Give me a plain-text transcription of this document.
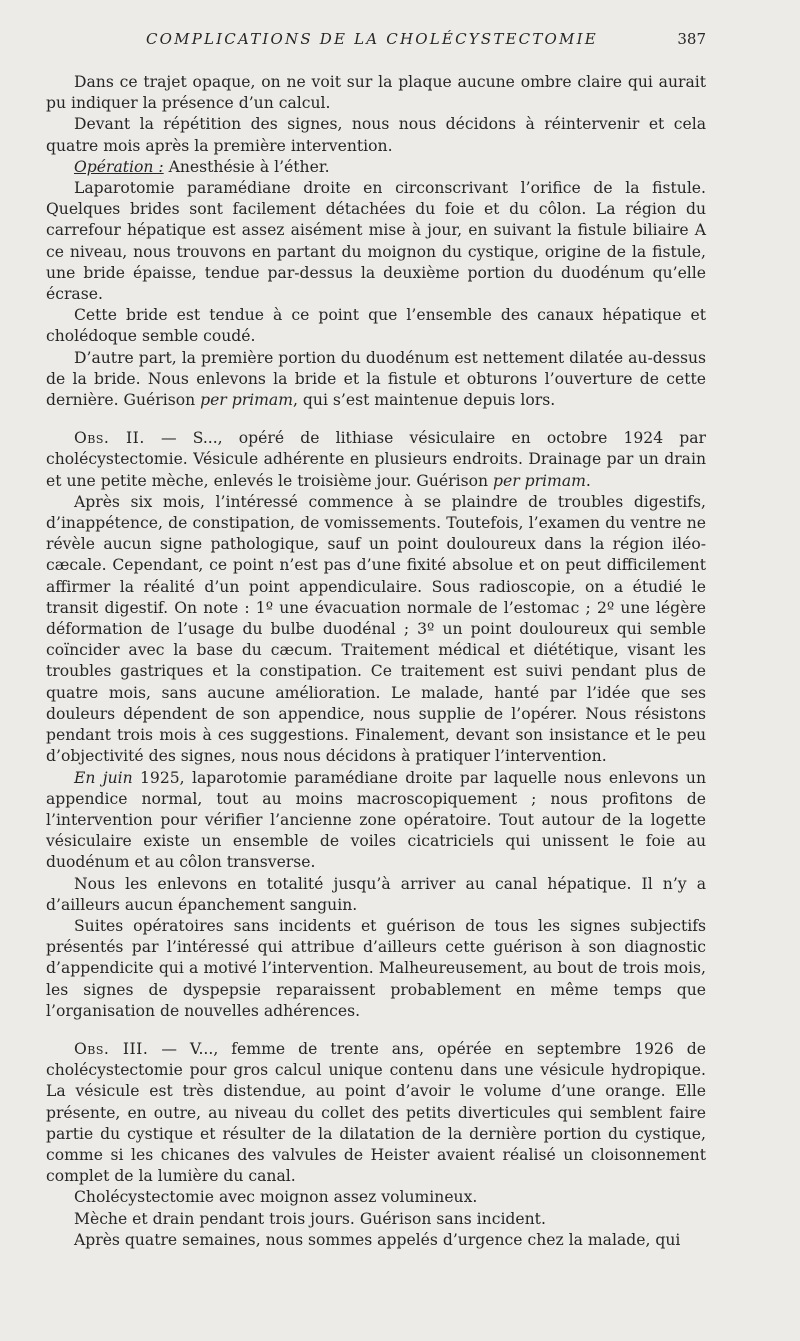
COMPLICATIONS DE LA CHOLÉCYSTECTOMIE	387

Dans ce trajet opaque, on ne voit sur la plaque aucune ombre claire qui aurait pu indiquer la présence d’un calcul.

Devant la répétition des signes, nous nous décidons à réintervenir et cela quatre mois après la première intervention.

Opération : Anesthésie à l’éther.

Laparotomie paramédiane droite en circonscrivant l’orifice de la fistule. Quelques brides sont facilement détachées du foie et du côlon. La région du carrefour hépatique est assez aisément mise à jour, en suivant la fistule biliaire A ce niveau, nous trouvons en partant du moignon du cystique, origine de la fistule, une bride épaisse, tendue par-dessus la deuxième portion du duodénum qu’elle écrase.

Cette bride est tendue à ce point que l’ensemble des canaux hépatique et cholédoque semble coudé.

D’autre part, la première portion du duodénum est nettement dilatée au-dessus de la bride. Nous enlevons la bride et la fistule et obturons l’ouverture de cette dernière. Guérison per primam, qui s’est maintenue depuis lors.

Obs. II. — S..., opéré de lithiase vésiculaire en octobre 1924 par cholécystectomie. Vésicule adhérente en plusieurs endroits. Drainage par un drain et une petite mèche, enlevés le troisième jour. Guérison per primam.

Après six mois, l’intéressé commence à se plaindre de troubles digestifs, d’inappétence, de constipation, de vomissements. Toutefois, l’examen du ventre ne révèle aucun signe pathologique, sauf un point douloureux dans la région iléo-cæcale. Cependant, ce point n’est pas d’une fixité absolue et on peut difficilement affirmer la réalité d’un point appendiculaire. Sous radioscopie, on a étudié le transit digestif. On note : 1º une évacuation normale de l’estomac ; 2º une légère déformation de l’usage du bulbe duodénal ; 3º un point douloureux qui semble coïncider avec la base du cæcum. Traitement médical et diététique, visant les troubles gastriques et la constipation. Ce traitement est suivi pendant plus de quatre mois, sans aucune amélioration. Le malade, hanté par l’idée que ses douleurs dépendent de son appendice, nous supplie de l’opérer. Nous résistons pendant trois mois à ces suggestions. Finalement, devant son insistance et le peu d’objectivité des signes, nous nous décidons à pratiquer l’intervention.

En juin 1925, laparotomie paramédiane droite par laquelle nous enlevons un appendice normal, tout au moins macroscopiquement ; nous profitons de l’intervention pour vérifier l’ancienne zone opératoire. Tout autour de la logette vésiculaire existe un ensemble de voiles cicatriciels qui unissent le foie au duodénum et au côlon transverse.

Nous les enlevons en totalité jusqu’à arriver au canal hépatique. Il n’y a d’ailleurs aucun épanchement sanguin.

Suites opératoires sans incidents et guérison de tous les signes subjectifs présentés par l’intéressé qui attribue d’ailleurs cette guérison à son diagnostic d’appendicite qui a motivé l’intervention. Malheureusement, au bout de trois mois, les signes de dyspepsie reparaissent probablement en même temps que l’organisation de nouvelles adhérences.

Obs. III. — V..., femme de trente ans, opérée en septembre 1926 de cholécystectomie pour gros calcul unique contenu dans une vésicule hydropique. La vésicule est très distendue, au point d’avoir le volume d’une orange. Elle présente, en outre, au niveau du collet des petits diverticules qui semblent faire partie du cystique et résulter de la dilatation de la dernière portion du cystique, comme si les chicanes des valvules de Heister avaient réalisé un cloisonnement complet de la lumière du canal.

Cholécystectomie avec moignon assez volumineux.

Mèche et drain pendant trois jours. Guérison sans incident.

Après quatre semaines, nous sommes appelés d’urgence chez la malade, qui
